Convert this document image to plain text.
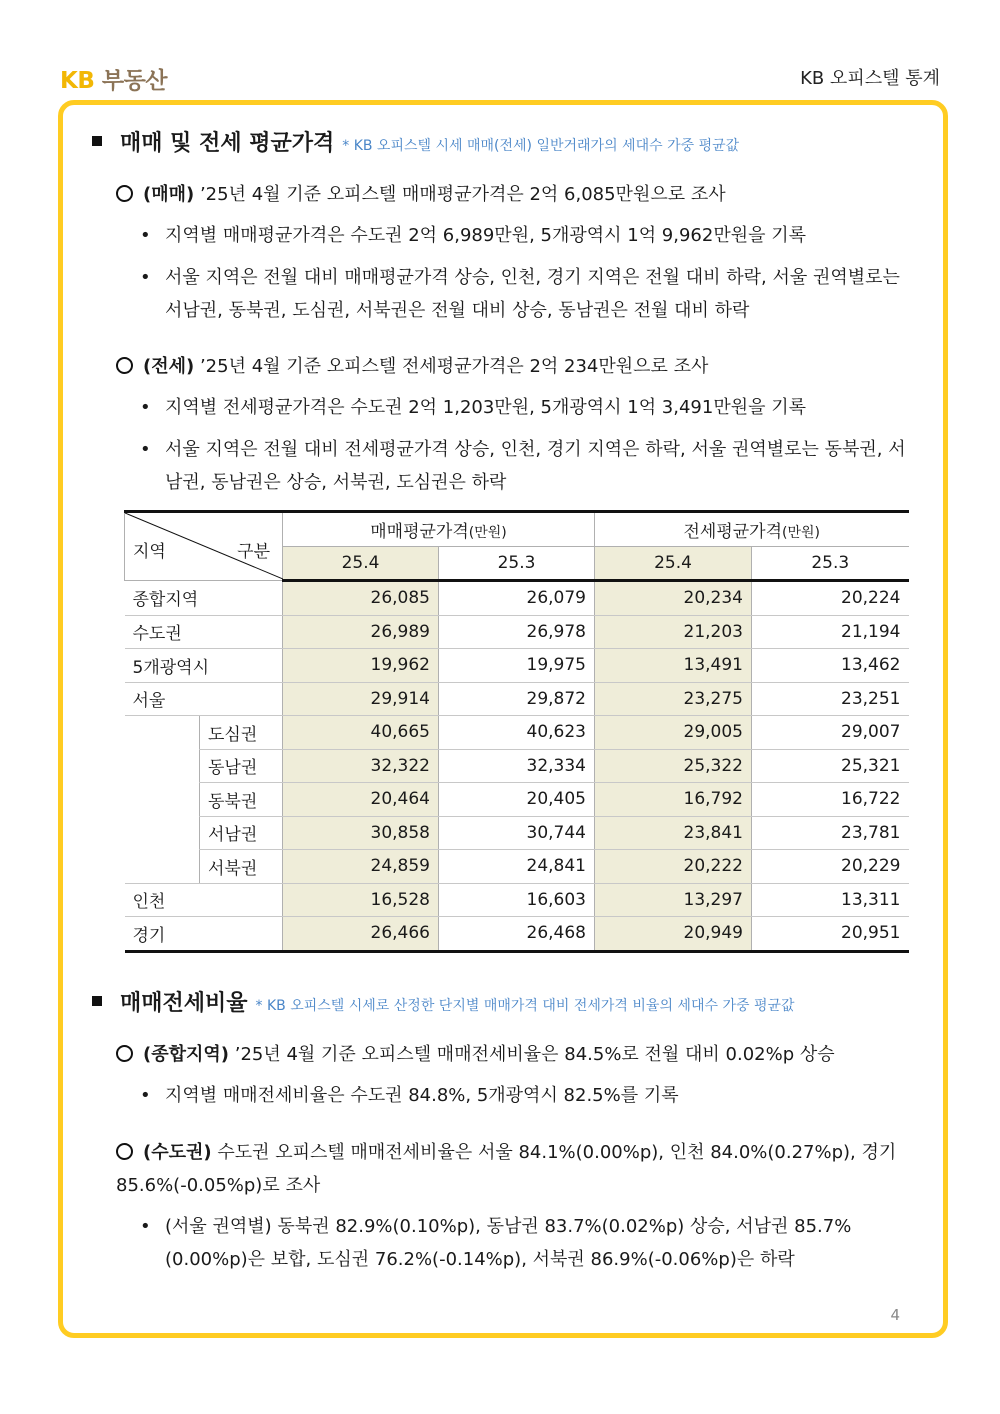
KB 부동산	KB 오피스텔 통계
매매 및 전세 평균가격 * KB 오피스텔 시세 매매(전세) 일반거래가의 세대수 가중 평균값
(매매) ’25년 4월 기준 오피스텔 매매평균가격은 2억 6,085만원으로 조사
• 지역별 매매평균가격은 수도권 2억 6,989만원, 5개광역시 1억 9,962만원을 기록
• 서울 지역은 전월 대비 매매평균가격 상승, 인천, 경기 지역은 전월 대비 하락, 서울 권역별로는 서남권, 동북권, 도심권, 서북권은 전월 대비 상승, 동남권은 전월 대비 하락
(전세) ’25년 4월 기준 오피스텔 전세평균가격은 2억 234만원으로 조사
• 지역별 전세평균가격은 수도권 2억 1,203만원, 5개광역시 1억 3,491만원을 기록
• 서울 지역은 전월 대비 전세평균가격 상승, 인천, 경기 지역은 하락, 서울 권역별로는 동북권, 서남권, 동남권은 상승, 서북권, 도심권은 하락
지역 구분		매매평균가격(만원)		전세평균가격(만원)	
		25.4	25.3	25.4	25.3
종합지역		26,085	26,079	20,234	20,224
수도권		26,989	26,978	21,203	21,194
5개광역시		19,962	19,975	13,491	13,462
서울		29,914	29,872	23,275	23,251
	도심권	40,665	40,623	29,005	29,007
	동남권	32,322	32,334	25,322	25,321
	동북권	20,464	20,405	16,792	16,722
	서남권	30,858	30,744	23,841	23,781
	서북권	24,859	24,841	20,222	20,229
인천		16,528	16,603	13,297	13,311
경기		26,466	26,468	20,949	20,951
매매전세비율 * KB 오피스텔 시세로 산정한 단지별 매매가격 대비 전세가격 비율의 세대수 가중 평균값
(종합지역) ’25년 4월 기준 오피스텔 매매전세비율은 84.5%로 전월 대비 0.02%p 상승
• 지역별 매매전세비율은 수도권 84.8%, 5개광역시 82.5%를 기록
(수도권) 수도권 오피스텔 매매전세비율은 서울 84.1%(0.00%p), 인천 84.0%(0.27%p), 경기 85.6%(-0.05%p)로 조사
• (서울 권역별) 동북권 82.9%(0.10%p), 동남권 83.7%(0.02%p) 상승, 서남권 85.7%(0.00%p)은 보합, 도심권 76.2%(-0.14%p), 서북권 86.9%(-0.06%p)은 하락
4
